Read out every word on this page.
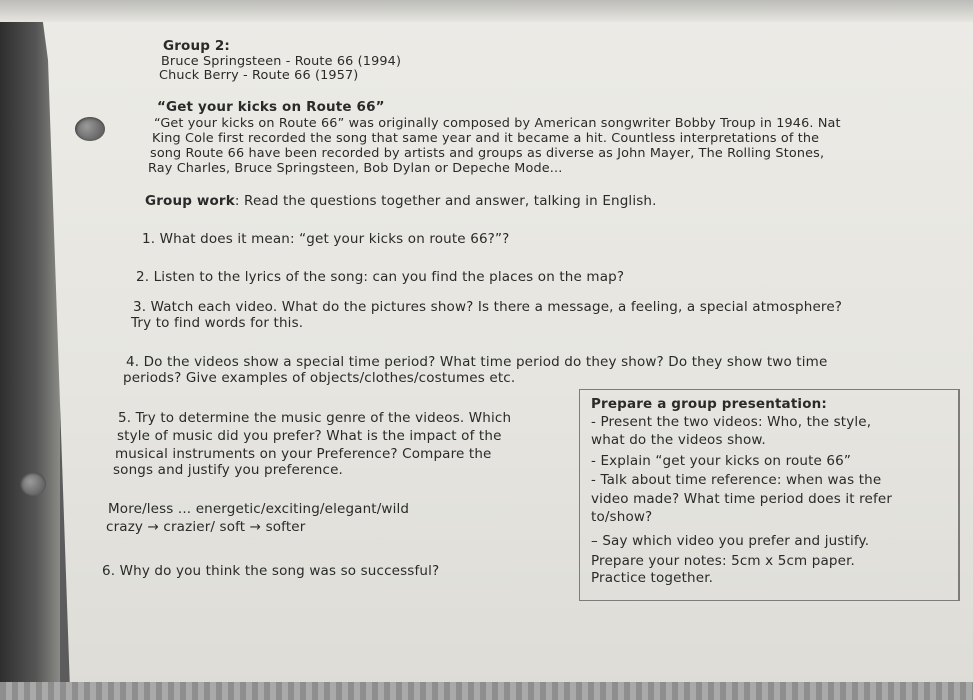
Group 2:
Bruce Springsteen - Route 66 (1994)
Chuck Berry - Route 66 (1957)
“Get your kicks on Route 66”
“Get your kicks on Route 66” was originally composed by American songwriter Bobby Troup in 1946. Nat
King Cole first recorded the song that same year and it became a hit. Countless interpretations of the
song Route 66 have been recorded by artists and groups as diverse as John Mayer, The Rolling Stones,
Ray Charles, Bruce Springsteen, Bob Dylan or Depeche Mode...
Group work: Read the questions together and answer, talking in English.
1. What does it mean: “get your kicks on route 66?”?
2. Listen to the lyrics of the song: can you find the places on the map?
3. Watch each video. What do the pictures show? Is there a message, a feeling, a special atmosphere?
Try to find words for this.
4. Do the videos show a special time period? What time period do they show? Do they show two time
periods? Give examples of objects/clothes/costumes etc.
5. Try to determine the music genre of the videos. Which
style of music did you prefer? What is the impact of the
musical instruments on your Preference? Compare the
songs and justify you preference.
More/less ... energetic/exciting/elegant/wild
crazy → crazier/ soft → softer
6. Why do you think the song was so successful?
Prepare a group presentation:
- Present the two videos: Who, the style,
what do the videos show.
- Explain “get your kicks on route 66”
- Talk about time reference: when was the
video made? What time period does it refer
to/show?
– Say which video you prefer and justify.
Prepare your notes: 5cm x 5cm paper.
Practice together.
